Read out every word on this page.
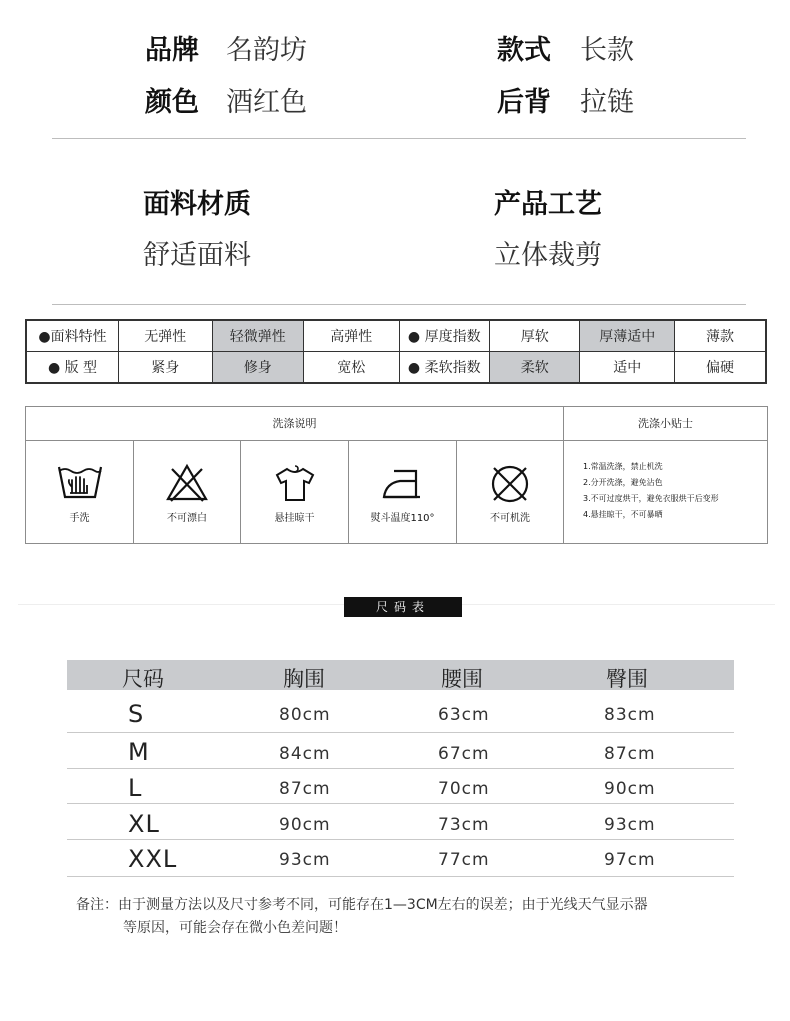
品牌 名韵坊	款式 长款
颜色 酒红色	后背 拉链
面料材质
舒适面料
产品工艺
立体裁剪
●面料特性	无弹性	轻微弹性	高弹性	● 厚度指数	厚软	厚薄适中	薄款
● 版 型	紧身	修身	宽松	● 柔软指数	柔软	适中	偏硬
洗涤说明	洗涤小贴士
手洗	不可漂白	悬挂晾干	熨斗温度110°	不可机洗
1.常温洗涤，禁止机洗
2.分开洗涤，避免沾色
3.不可过度烘干，避免衣服烘干后变形
4.悬挂晾干，不可暴晒
尺码表
尺码	胸围	腰围	臀围
S	80cm	63cm	83cm
M	84cm	67cm	87cm
L	87cm	70cm	90cm
XL	90cm	73cm	93cm
XXL	93cm	77cm	97cm
备注：由于测量方法以及尺寸参考不同，可能存在1—3CM左右的误差；由于光线天气显示器
等原因，可能会存在微小色差问题！
